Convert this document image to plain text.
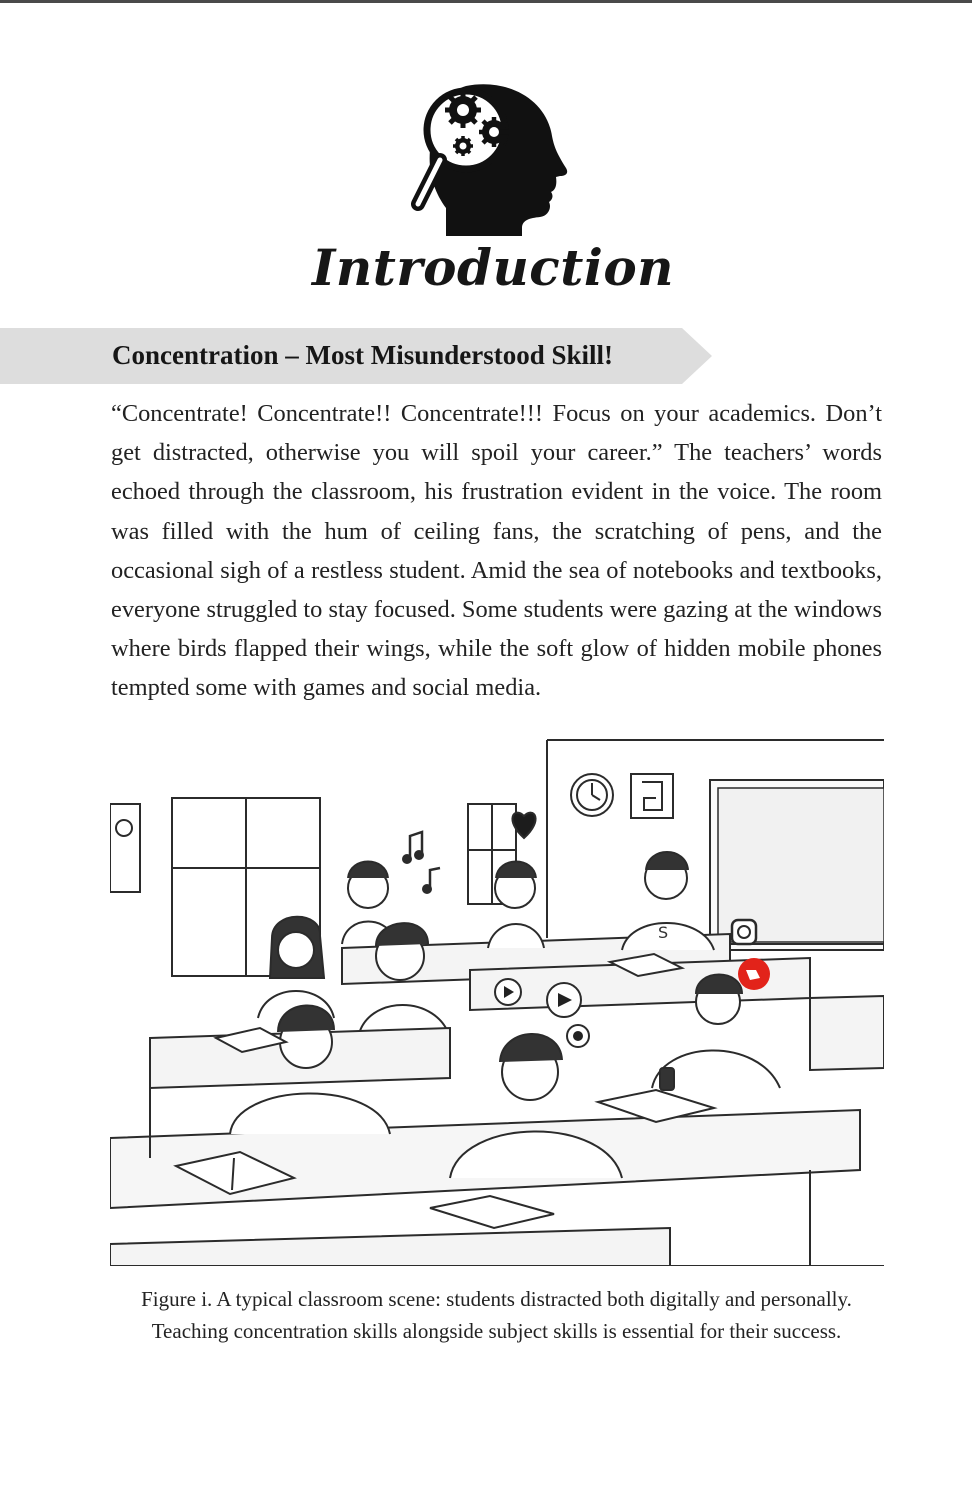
Introduction
Concentration – Most Misunderstood Skill!

“Concentrate! Concentrate!! Concentrate!!! Focus on your academics. Don’t get distracted, otherwise you will spoil your career.” The teachers’ words echoed through the classroom, his frustration evident in the voice. The room was filled with the hum of ceiling fans, the scratching of pens, and the occasional sigh of a restless student. Amid the sea of notebooks and textbooks, everyone struggled to stay focused. Some students were gazing at the windows where birds flapped their wings, while the soft glow of hidden mobile phones tempted some with games and social media.

S
Figure i. A typical classroom scene: students distracted both digitally and personally. Teaching concentration skills alongside subject skills is essential for their success.
